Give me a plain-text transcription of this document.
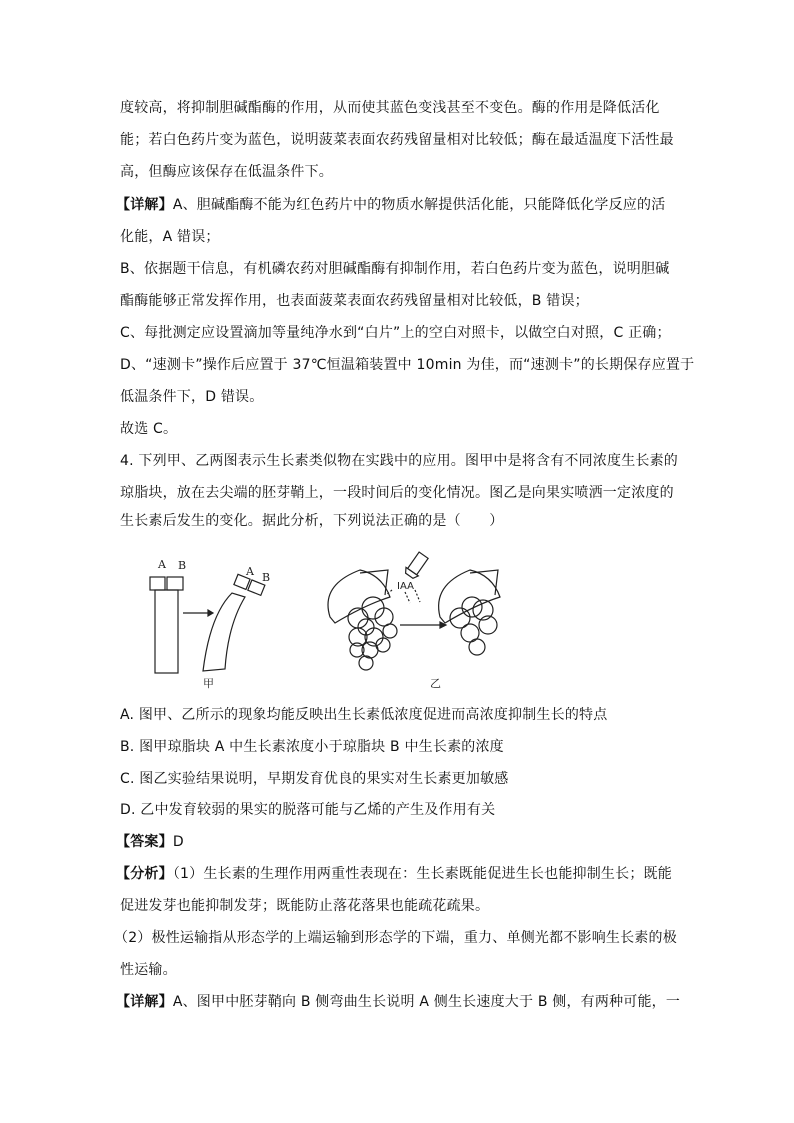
度较高，将抑制胆碱酯酶的作用，从而使其蓝色变浅甚至不变色。酶的作用是降低活化
能；若白色药片变为蓝色，说明菠菜表面农药残留量相对比较低；酶在最适温度下活性最
高，但酶应该保存在低温条件下。
【详解】A、胆碱酯酶不能为红色药片中的物质水解提供活化能，只能降低化学反应的活
化能，A 错误；
B、依据题干信息，有机磷农药对胆碱酯酶有抑制作用，若白色药片变为蓝色，说明胆碱
酯酶能够正常发挥作用，也表面菠菜表面农药残留量相对比较低，B 错误；
C、每批测定应设置滴加等量纯净水到“白片”上的空白对照卡，以做空白对照，C 正确；
D、“速测卡”操作后应置于 37℃恒温箱装置中 10min 为佳，而“速测卡”的长期保存应置于
低温条件下，D 错误。
故选 C。
4. 下列甲、乙两图表示生长素类似物在实践中的应用。图甲中是将含有不同浓度生长素的
琼脂块，放在去尖端的胚芽鞘上，一段时间后的变化情况。图乙是向果实喷洒一定浓度的
生长素后发生的变化。据此分析，下列说法正确的是（　　）
A B	A B
甲
IAA
乙
A. 图甲、乙所示的现象均能反映出生长素低浓度促进而高浓度抑制生长的特点
B. 图甲琼脂块 A 中生长素浓度小于琼脂块 B 中生长素的浓度
C. 图乙实验结果说明，早期发育优良的果实对生长素更加敏感
D. 乙中发育较弱的果实的脱落可能与乙烯的产生及作用有关
【答案】D
【分析】（1）生长素的生理作用两重性表现在：生长素既能促进生长也能抑制生长；既能
促进发芽也能抑制发芽；既能防止落花落果也能疏花疏果。
（2）极性运输指从形态学的上端运输到形态学的下端，重力、单侧光都不影响生长素的极
性运输。
【详解】A、图甲中胚芽鞘向 B 侧弯曲生长说明 A 侧生长速度大于 B 侧，有两种可能，一
